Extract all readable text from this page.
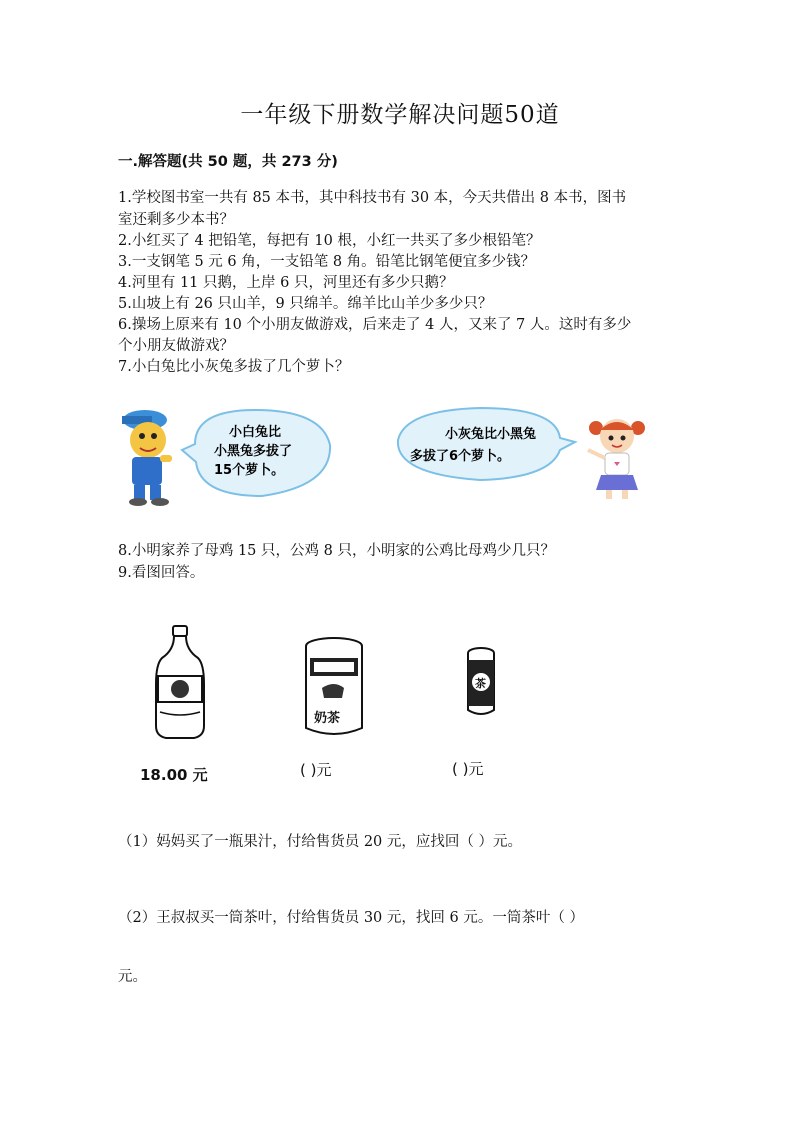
一年级下册数学解决问题50道
一.解答题(共 50 题，共 273 分)
1.学校图书室一共有 85 本书，其中科技书有 30 本，今天共借出 8 本书，图书
室还剩多少本书？
2.小红买了 4 把铅笔，每把有 10 根，小红一共买了多少根铅笔？
3.一支钢笔 5 元 6 角，一支铅笔 8 角。铅笔比钢笔便宜多少钱？
4.河里有 11 只鹅，上岸 6 只，河里还有多少只鹅？
5.山坡上有 26 只山羊，9 只绵羊。绵羊比山羊少多少只？
6.操场上原来有 10 个小朋友做游戏，后来走了 4 人，又来了 7 人。这时有多少
个小朋友做游戏？
7.小白兔比小灰兔多拔了几个萝卜？
小白兔比
小黑兔多拔了
15个萝卜。
小灰兔比小黑兔
多拔了6个萝卜。
8.小明家养了母鸡 15 只，公鸡 8 只，小明家的公鸡比母鸡少几只？
9.看图回答。
奶茶
茶
18.00 元	( )元	( )元
（1）妈妈买了一瓶果汁，付给售货员 20 元，应找回（ ）元。
（2）王叔叔买一筒茶叶，付给售货员 30 元，找回 6 元。一筒茶叶（ ）
元。
